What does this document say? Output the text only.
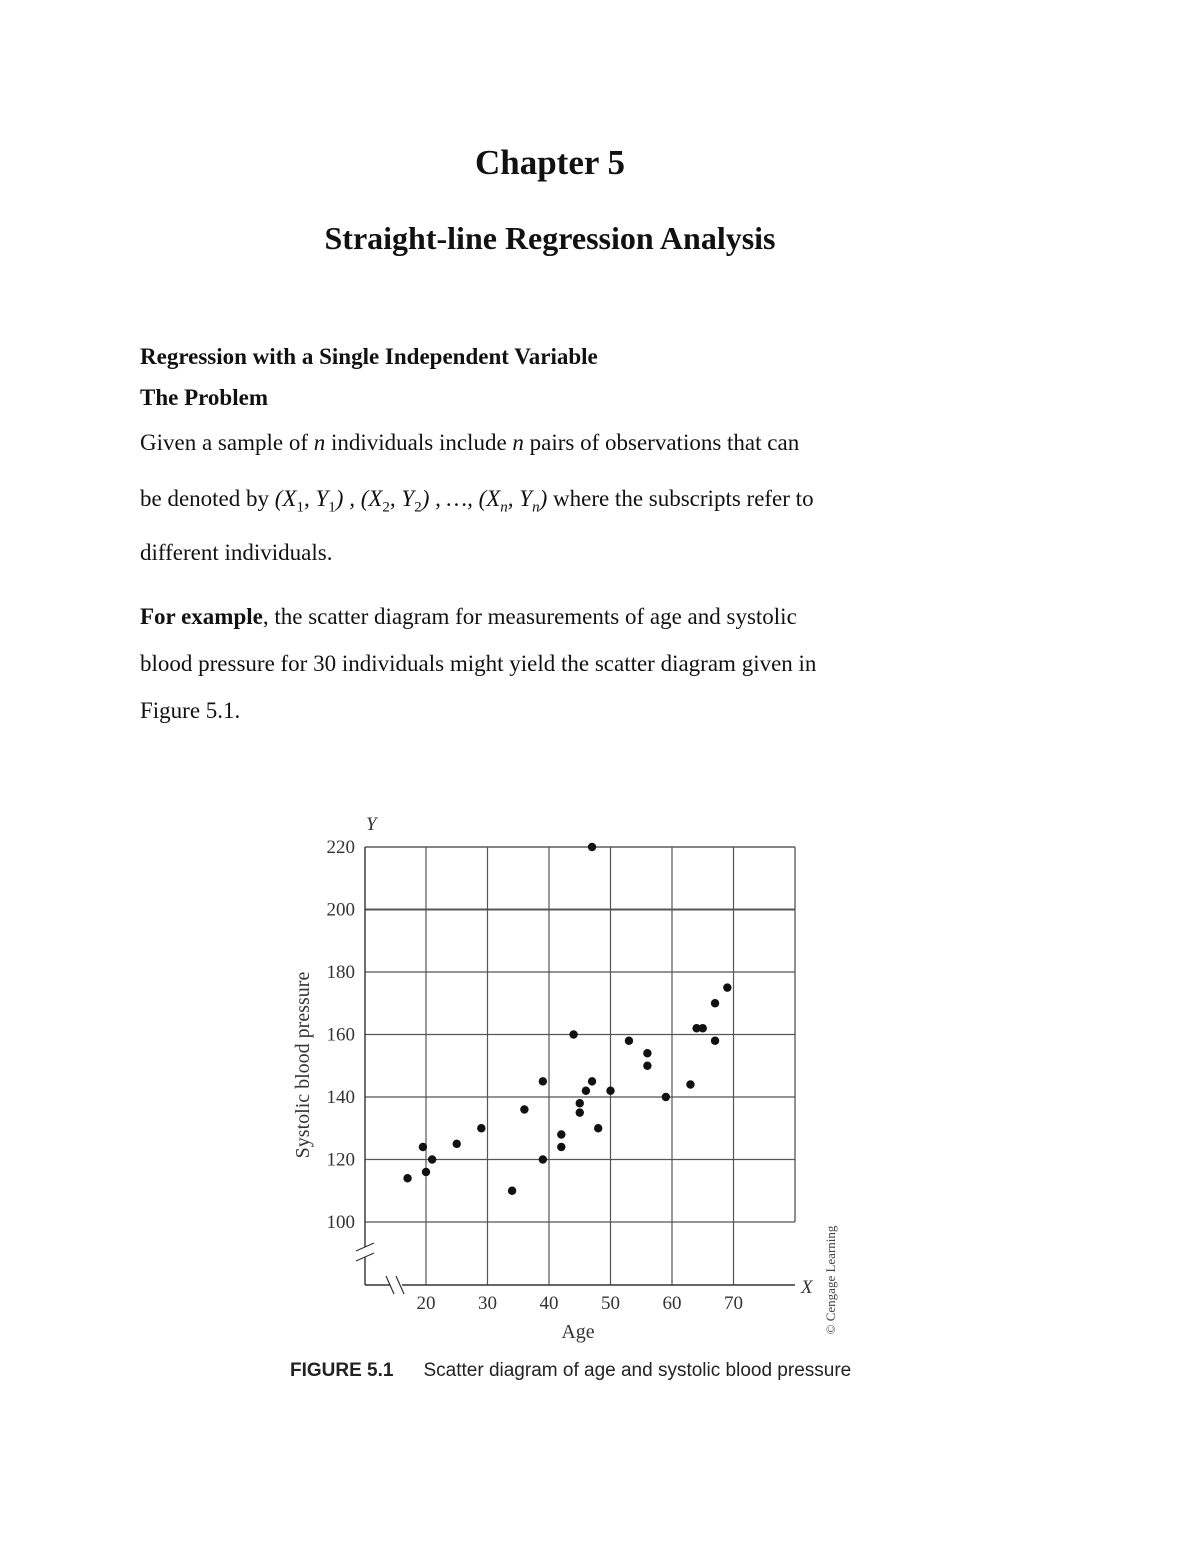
Chapter 5
Straight-line Regression Analysis
Regression with a Single Independent Variable
The Problem
Given a sample of n individuals include n pairs of observations that can
be denoted by ($X_1$, $Y_1$) , ($X_2$, $Y_2$) , …, ($X_n$, $Y_n$) where the subscripts refer to
different individuals.
For example, the scatter diagram for measurements of age and systolic
blood pressure for 30 individuals might yield the scatter diagram given in
Figure 5.1.
100
120
140
160
180
200
220
20 30 40 50 60 70
Y
X
Age
Systolic blood pressure
© Cengage Learning
FIGURE 5.1 Scatter diagram of age and systolic blood pressure
